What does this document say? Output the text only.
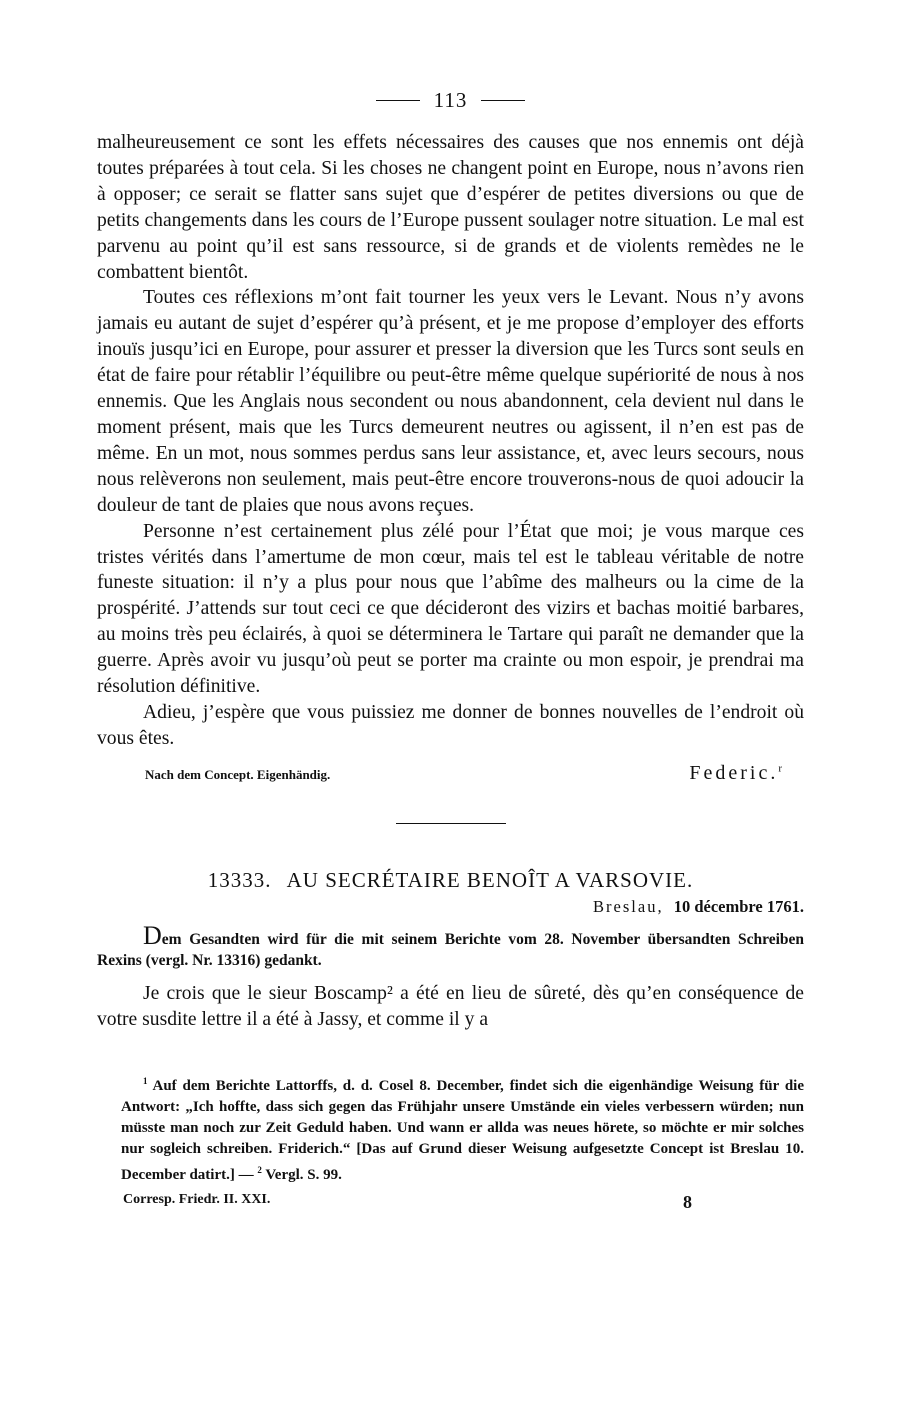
113

malheureusement ce sont les effets nécessaires des causes que nos ennemis ont déjà toutes préparées à tout cela. Si les choses ne changent point en Europe, nous n’avons rien à opposer; ce serait se flatter sans sujet que d’espérer de petites diversions ou que de petits changements dans les cours de l’Europe pussent soulager notre situation. Le mal est parvenu au point qu’il est sans ressource, si de grands et de violents remèdes ne le combattent bientôt.

Toutes ces réflexions m’ont fait tourner les yeux vers le Levant. Nous n’y avons jamais eu autant de sujet d’espérer qu’à présent, et je me propose d’employer des efforts inouïs jusqu’ici en Europe, pour assurer et presser la diversion que les Turcs sont seuls en état de faire pour rétablir l’équilibre ou peut-être même quelque supériorité de nous à nos ennemis. Que les Anglais nous secondent ou nous abandonnent, cela devient nul dans le moment présent, mais que les Turcs demeurent neutres ou agissent, il n’en est pas de même. En un mot, nous sommes perdus sans leur assistance, et, avec leurs secours, nous nous relèverons non seulement, mais peut-être encore trouverons-nous de quoi adoucir la douleur de tant de plaies que nous avons reçues.

Personne n’est certainement plus zélé pour l’État que moi; je vous marque ces tristes vérités dans l’amertume de mon cœur, mais tel est le tableau véritable de notre funeste situation: il n’y a plus pour nous que l’abîme des malheurs ou la cime de la prospérité. J’attends sur tout ceci ce que décideront des vizirs et bachas moitié barbares, au moins très peu éclairés, à quoi se déterminera le Tartare qui paraît ne demander que la guerre. Après avoir vu jusqu’où peut se porter ma crainte ou mon espoir, je prendrai ma résolution définitive.

Adieu, j’espère que vous puissiez me donner de bonnes nouvelles de l’endroit où vous êtes.

Nach dem Concept. Eigenhändig.	Federic.$^r$
13333. AU SECRÉTAIRE BENOÎT A VARSOVIE.
Breslau, 10 décembre 1761.
Dem Gesandten wird für die mit seinem Berichte vom 28. November übersandten Schreiben Rexins (vergl. Nr. 13316) gedankt.

Je crois que le sieur Boscamp² a été en lieu de sûreté, dès qu’en conséquence de votre susdite lettre il a été à Jassy, et comme il y a

$^1$ Auf dem Berichte Lattorffs, d. d. Cosel 8. December, findet sich die eigenhändige Weisung für die Antwort: „Ich hoffte, dass sich gegen das Frühjahr unsere Umstände ein vieles verbessern würden; nun müsste man noch zur Zeit Geduld haben. Und wann er allda was neues hörete, so möchte er mir solches nur sogleich schreiben. Friderich.“ [Das auf Grund dieser Weisung aufgesetzte Concept ist Breslau 10. December datirt.] — $^2$ Vergl. S. 99.

Corresp. Friedr. II. XXI.	8
